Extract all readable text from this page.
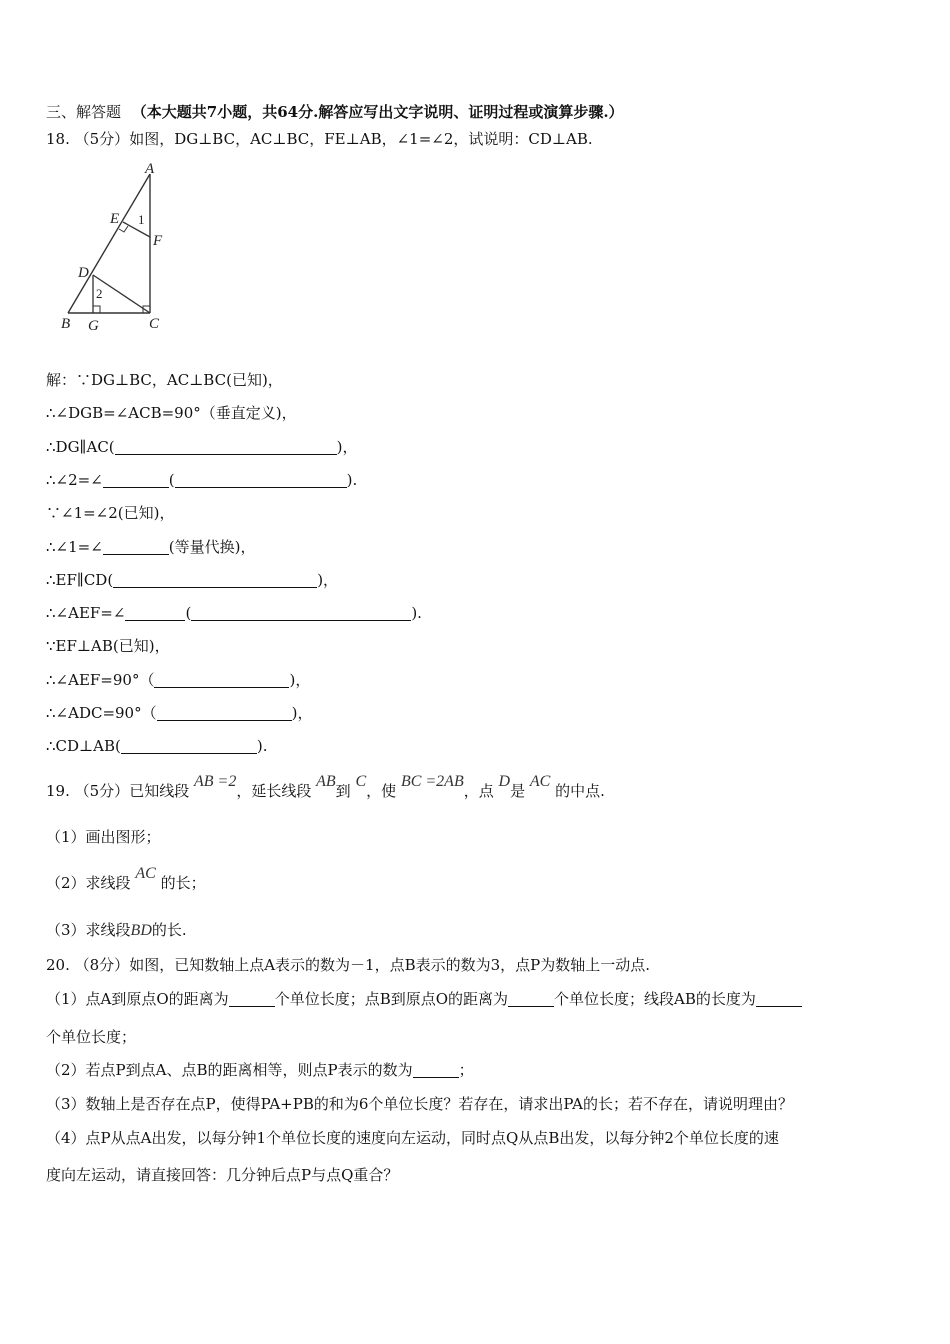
三、解答题 （本大题共7小题，共64分.解答应写出文字说明、证明过程或演算步骤.）
18. （5分）如图，DG⊥BC，AC⊥BC，FE⊥AB，∠1=∠2，试说明：CD⊥AB.
A
E 1
F
D
2
B G	C
解：∵DG⊥BC，AC⊥BC(已知)，
∴∠DGB=∠ACB=90°（垂直定义)，
∴DG∥AC(	)，
∴∠2=∠	(	).
∵∠1=∠2(已知)，
∴∠1=∠	(等量代换)，
∴EF∥CD(	)，
∴∠AEF=∠	(	).
∵EF⊥AB(已知)，
∴∠AEF=90°（	)，
∴∠ADC=90°（	)，
∴CD⊥AB(	).
19. （5分）已知线段 AB =2，延长线段 AB到 C，使 BC =2AB，点 D是 AC 的中点.
（1）画出图形；
（2）求线段 AC 的长；
（3）求线段BD的长.
20. （8分）如图，已知数轴上点A表示的数为－1，点B表示的数为3，点P为数轴上一动点.
（1）点A到原点O的距离为	个单位长度；点B到原点O的距离为	个单位长度；线段AB的长度为
个单位长度；
（2）若点P到点A、点B的距离相等，则点P表示的数为	；
（3）数轴上是否存在点P，使得PA+PB的和为6个单位长度？若存在，请求出PA的长；若不存在，请说明理由？
（4）点P从点A出发，以每分钟1个单位长度的速度向左运动，同时点Q从点B出发，以每分钟2个单位长度的速
度向左运动，请直接回答：几分钟后点P与点Q重合？
